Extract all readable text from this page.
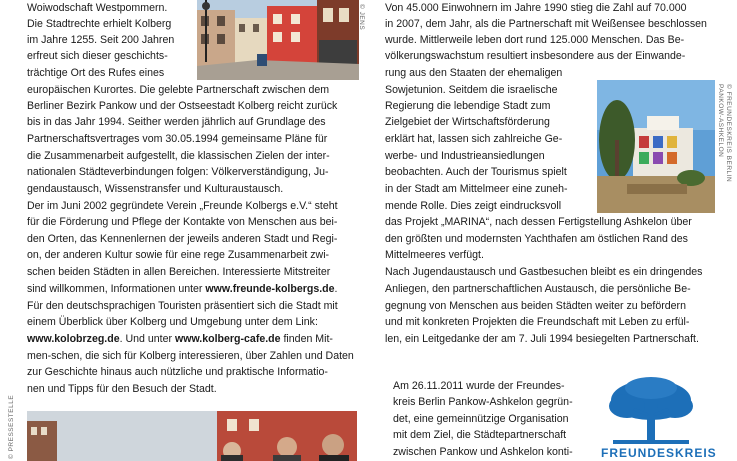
© JENS
Woiwodschaft Westpommern.
Die Stadtrechte erhielt Kolberg
im Jahre 1255. Seit 200 Jahren
erfreut sich dieser geschichts-
trächtige Ort des Rufes eines
europäischen Kurortes. Die gelebte Partnerschaft zwischen dem
Berliner Bezirk Pankow und der Ostseestadt Kolberg reicht zurück
bis in das Jahr 1994. Seither werden jährlich auf Grundlage des
Partnerschaftsvertrages vom 30.05.1994 gemeinsame Pläne für
die Zusammenarbeit aufgestellt, die klassischen Zielen der inter-
nationalen Städteverbindungen folgen: Völkerverständigung, Ju-
gendaustausch, Wissenstransfer und Kulturaustausch.
Der im Juni 2002 gegründete Verein „Freunde Kolbergs e.V.“ steht
für die Förderung und Pflege der Kontakte von Menschen aus bei-
den Orten, das Kennenlernen der jeweils anderen Stadt und Regi-
on, der anderen Kultur sowie für eine rege Zusammenarbeit zwi-
schen beiden Städten in allen Bereichen. Interessierte Mitstreiter
sind willkommen, Informationen unter www.freunde-kolbergs.de.
Für den deutschsprachigen Touristen präsentiert sich die Stadt mit
einem Überblick über Kolberg und Umgebung unter dem Link:
www.kolobrzeg.de. Und unter www.kolberg-cafe.de finden Mit-
men-schen, die sich für Kolberg interessieren, über Zahlen und Daten
zur Geschichte hinaus auch nützliche und praktische Informatio-
nen und Tipps für den Besuch der Stadt.
© PRESSESTELLE
Von 45.000 Einwohnern im Jahre 1990 stieg die Zahl auf 70.000
in 2007, dem Jahr, als die Partnerschaft mit Weißensee beschlossen
wurde. Mittlerweile leben dort rund 125.000 Menschen. Das Be-
völkerungswachstum resultiert insbesondere aus der Einwande-
rung aus den Staaten der ehemaligen
Sowjetunion. Seitdem die israelische
Regierung die lebendige Stadt zum
Zielgebiet der Wirtschaftsförderung
erklärt hat, lassen sich zahlreiche Ge-
werbe- und Industrieansiedlungen
beobachten. Auch der Tourismus spielt
in der Stadt am Mittelmeer eine zuneh-
mende Rolle. Dies zeigt eindrucksvoll
© FREUNDESKREIS BERLIN
PANKOW-ASHKELON
das Projekt „MARINA“, nach dessen Fertigstellung Ashkelon über
den größten und modernsten Yachthafen am östlichen Rand des
Mittelmeeres verfügt.
Nach Jugendaustausch und Gastbesuchen bleibt es ein dringendes
Anliegen, den partnerschaftlichen Austausch, die persönliche Be-
gegnung von Menschen aus beiden Städten weiter zu befördern
und mit konkreten Projekten die Freundschaft mit Leben zu erfül-
len, ein Leitgedanke der am 7. Juli 1994 besiegelten Partnerschaft.
Am 26.11.2011 wurde der Freundes-
kreis Berlin Pankow-Ashkelon gegrün-
det, eine gemeinnützige Organisation
mit dem Ziel, die Städtepartnerschaft
zwischen Pankow und Ashkelon konti- FREUNDESKREIS
